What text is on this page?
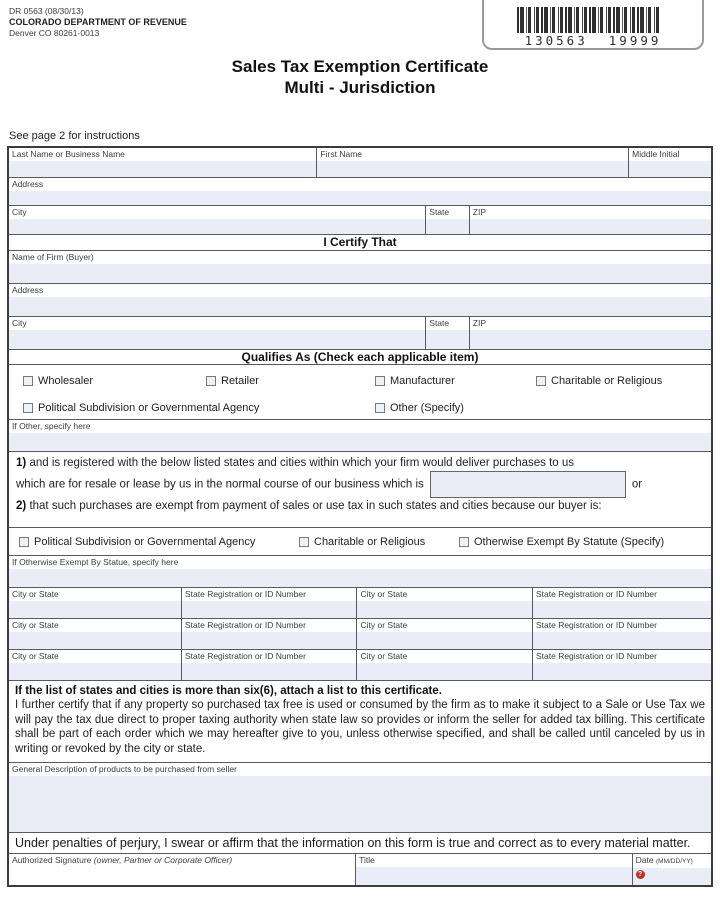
DR 0563 (08/30/13)
COLORADO DEPARTMENT OF REVENUE
Denver CO 80261-0013	130563  19999
Sales Tax Exemption Certificate
Multi - Jurisdiction
See page 2 for instructions
Last Name or Business Name	First Name	Middle Initial
Address
City	State	ZIP
I Certify That
Name of Firm (Buyer)
Address
City	State	ZIP
Qualifies As (Check each applicable item)
Wholesaler	Retailer	Manufacturer	Charitable or Religious
Political Subdivision or Governmental Agency	Other (Specify)
If Other, specify here
1) and is registered with the below listed states and cities within which your firm would deliver purchases to us
which are for resale or lease by us in the normal course of our business which is	or
2) that such purchases are exempt from payment of sales or use tax in such states and cities because our buyer is:
Political Subdivision or Governmental Agency	Charitable or Religious	Otherwise Exempt By Statute (Specify)
If Otherwise Exempt By Statue, specify here
City or State	State Registration or ID Number	City or State	State Registration or ID Number
City or State	State Registration or ID Number	City or State	State Registration or ID Number
City or State	State Registration or ID Number	City or State	State Registration or ID Number
If the list of states and cities is more than six(6), attach a list to this certificate.
I further certify that if any property so purchased tax free is used or consumed by the firm as to make it subject to a Sale or Use Tax we will pay the tax due direct to proper taxing authority when state law so provides or inform the seller for added tax billing. This certificate shall be part of each order which we may hereafter give to you, unless otherwise specified, and shall be called until canceled by us in writing or revoked by the city or state.
General Description of products to be purchased from seller
Under penalties of perjury, I swear or affirm that the information on this form is true and correct as to every material matter.
Authorized Signature (owner, Partner or Corporate Officer)	Title	Date (MM/DD/YY)
?
